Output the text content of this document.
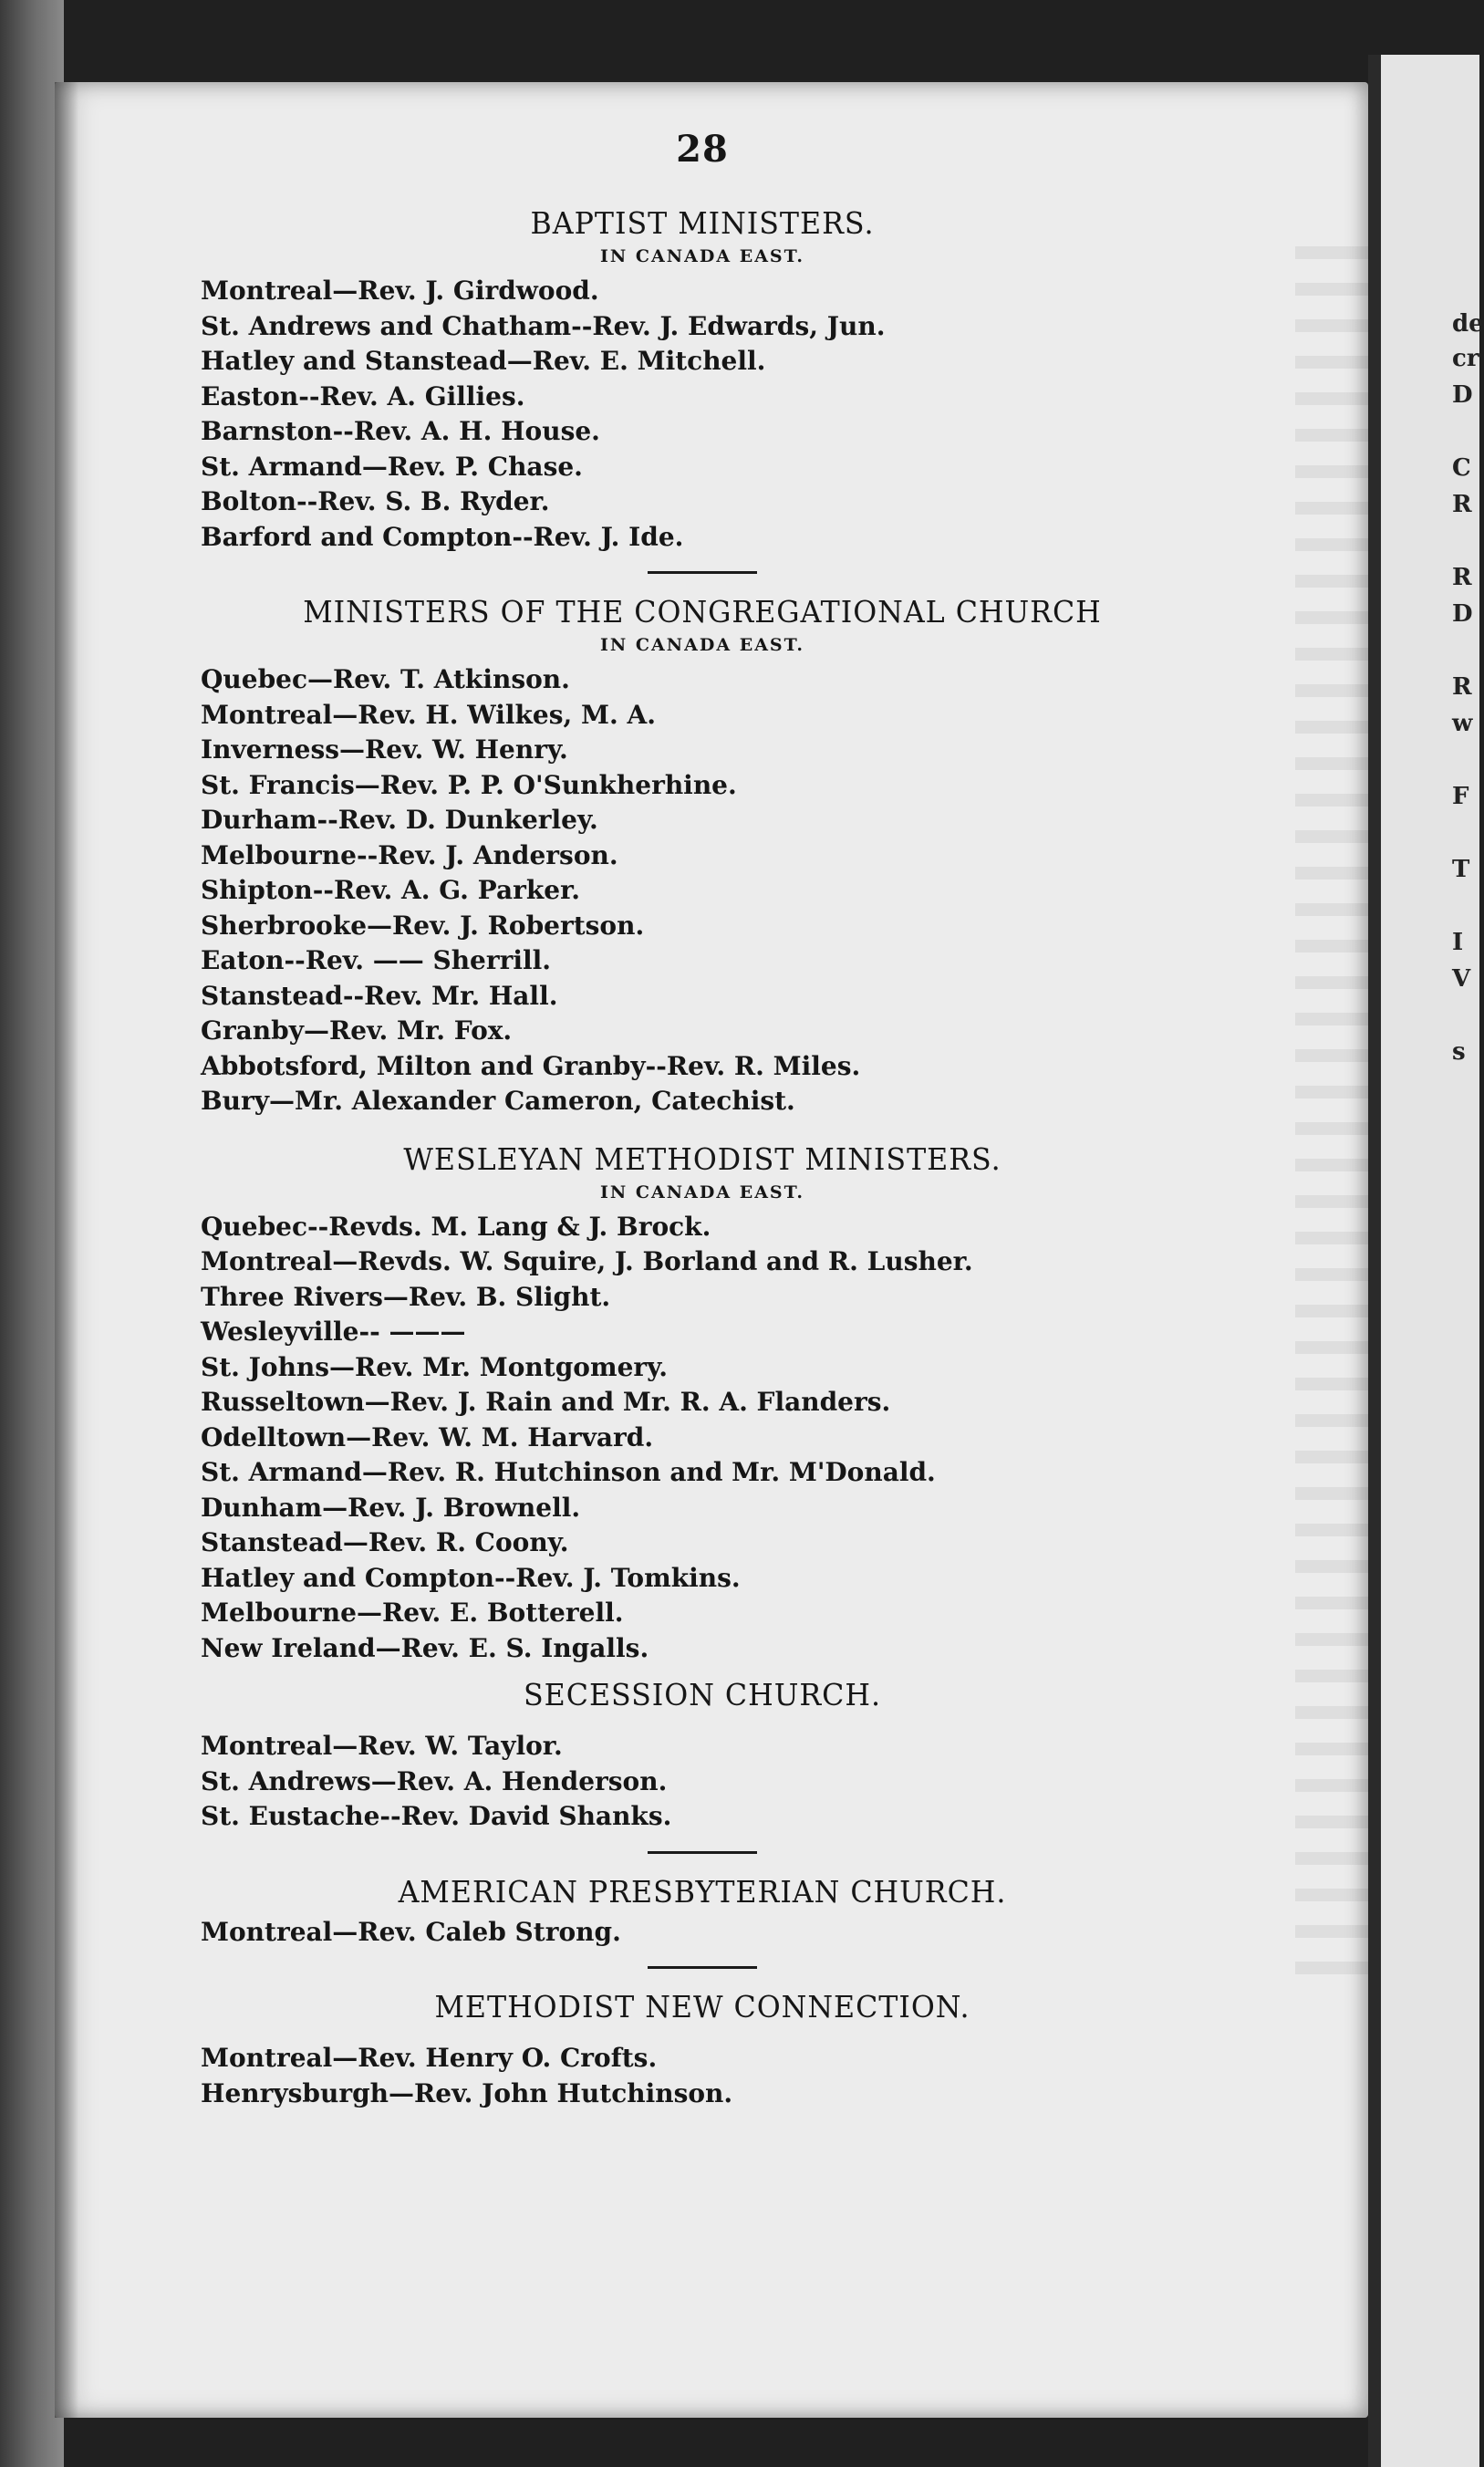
de
cr
D
C
R
R
D
R
w
F
T
I
V
s
28
BAPTIST MINISTERS.
IN CANADA EAST.
Montreal—Rev. J. Girdwood.
St. Andrews and Chatham--Rev. J. Edwards, Jun.
Hatley and Stanstead—Rev. E. Mitchell.
Easton--Rev. A. Gillies.
Barnston--Rev. A. H. House.
St. Armand—Rev. P. Chase.
Bolton--Rev. S. B. Ryder.
Barford and Compton--Rev. J. Ide.
MINISTERS OF THE CONGREGATIONAL CHURCH
IN CANADA EAST.
Quebec—Rev. T. Atkinson.
Montreal—Rev. H. Wilkes, M. A.
Inverness—Rev. W. Henry.
St. Francis—Rev. P. P. O'Sunkherhine.
Durham--Rev. D. Dunkerley.
Melbourne--Rev. J. Anderson.
Shipton--Rev. A. G. Parker.
Sherbrooke—Rev. J. Robertson.
Eaton--Rev. —— Sherrill.
Stanstead--Rev. Mr. Hall.
Granby—Rev. Mr. Fox.
Abbotsford, Milton and Granby--Rev. R. Miles.
Bury—Mr. Alexander Cameron, Catechist.
WESLEYAN METHODIST MINISTERS.
IN CANADA EAST.
Quebec--Revds. M. Lang & J. Brock.
Montreal—Revds. W. Squire, J. Borland and R. Lusher.
Three Rivers—Rev. B. Slight.
Wesleyville-- ———
St. Johns—Rev. Mr. Montgomery.
Russeltown—Rev. J. Rain and Mr. R. A. Flanders.
Odelltown—Rev. W. M. Harvard.
St. Armand—Rev. R. Hutchinson and Mr. M'Donald.
Dunham—Rev. J. Brownell.
Stanstead—Rev. R. Coony.
Hatley and Compton--Rev. J. Tomkins.
Melbourne—Rev. E. Botterell.
New Ireland—Rev. E. S. Ingalls.
SECESSION CHURCH.
Montreal—Rev. W. Taylor.
St. Andrews—Rev. A. Henderson.
St. Eustache--Rev. David Shanks.
AMERICAN PRESBYTERIAN CHURCH.
Montreal—Rev. Caleb Strong.
METHODIST NEW CONNECTION.
Montreal—Rev. Henry O. Crofts.
Henrysburgh—Rev. John Hutchinson.
